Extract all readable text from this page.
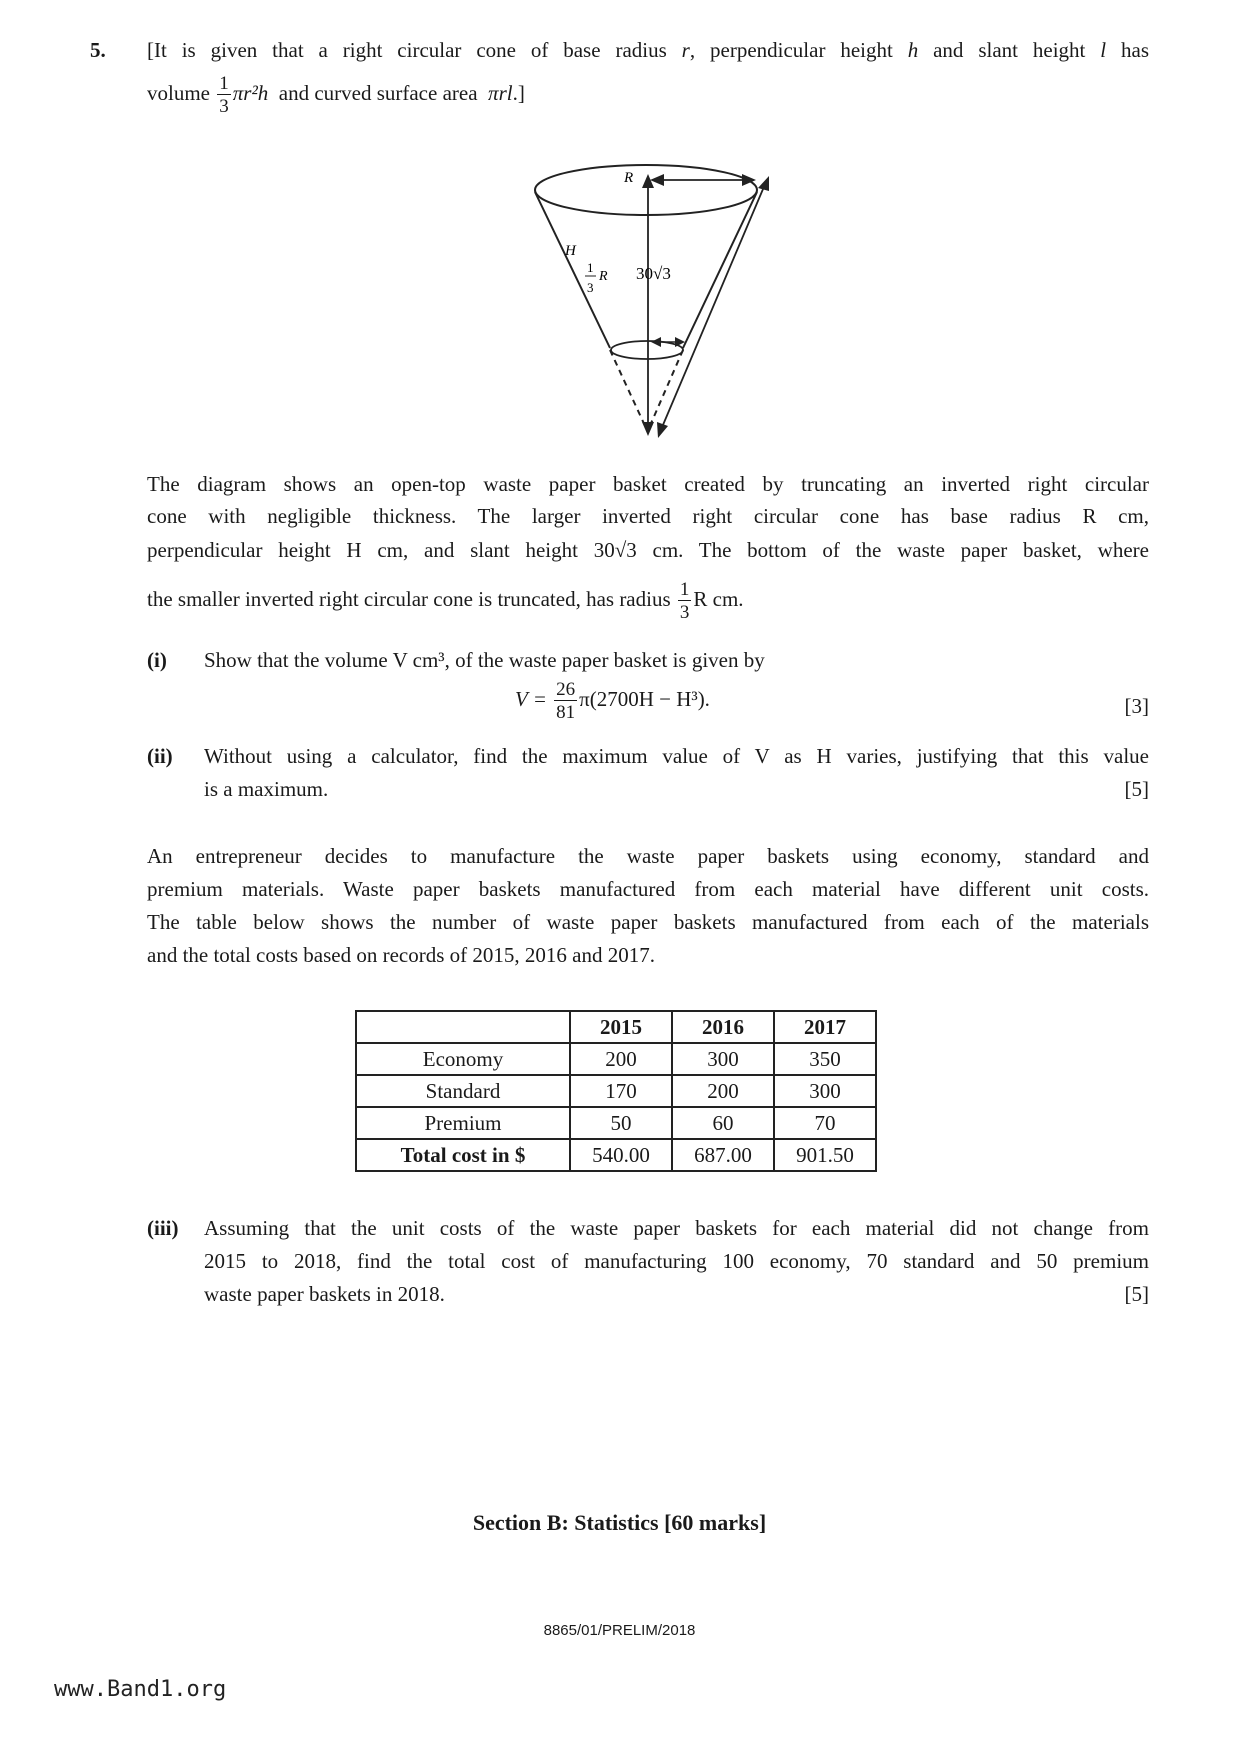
5. [It is given that a right circular cone of base radius r, perpendicular height h and slant height l has
volume $\frac{1}{3} \pi r^2h$ and curved surface area πrl.]
R
H
1
3
R 30√3
The diagram shows an open-top waste paper basket created by truncating an inverted right circular
cone with negligible thickness. The larger inverted right circular cone has base radius R cm,
perpendicular height H cm, and slant height 30√3 cm. The bottom of the waste paper basket, where
the smaller inverted right circular cone is truncated, has radius $\frac{1}{3}$ R cm.
(i) Show that the volume V cm³, of the waste paper basket is given by
$V = \frac{26}{81} \pi(2700H - H^3)$.	[3]
(ii) Without using a calculator, find the maximum value of V as H varies, justifying that this value
is a maximum.	[5]
An entrepreneur decides to manufacture the waste paper baskets using economy, standard and
premium materials. Waste paper baskets manufactured from each material have different unit costs.
The table below shows the number of waste paper baskets manufactured from each of the materials
and the total costs based on records of 2015, 2016 and 2017.
	2015	2016	2017
Economy	200	300	350
Standard	170	200	300
Premium	50	60	70
Total cost in $	540.00	687.00	901.50
(iii) Assuming that the unit costs of the waste paper baskets for each material did not change from
2015 to 2018, find the total cost of manufacturing 100 economy, 70 standard and 50 premium
waste paper baskets in 2018.	[5]
Section B: Statistics [60 marks]
8865/01/PRELIM/2018
www.Band1.org
